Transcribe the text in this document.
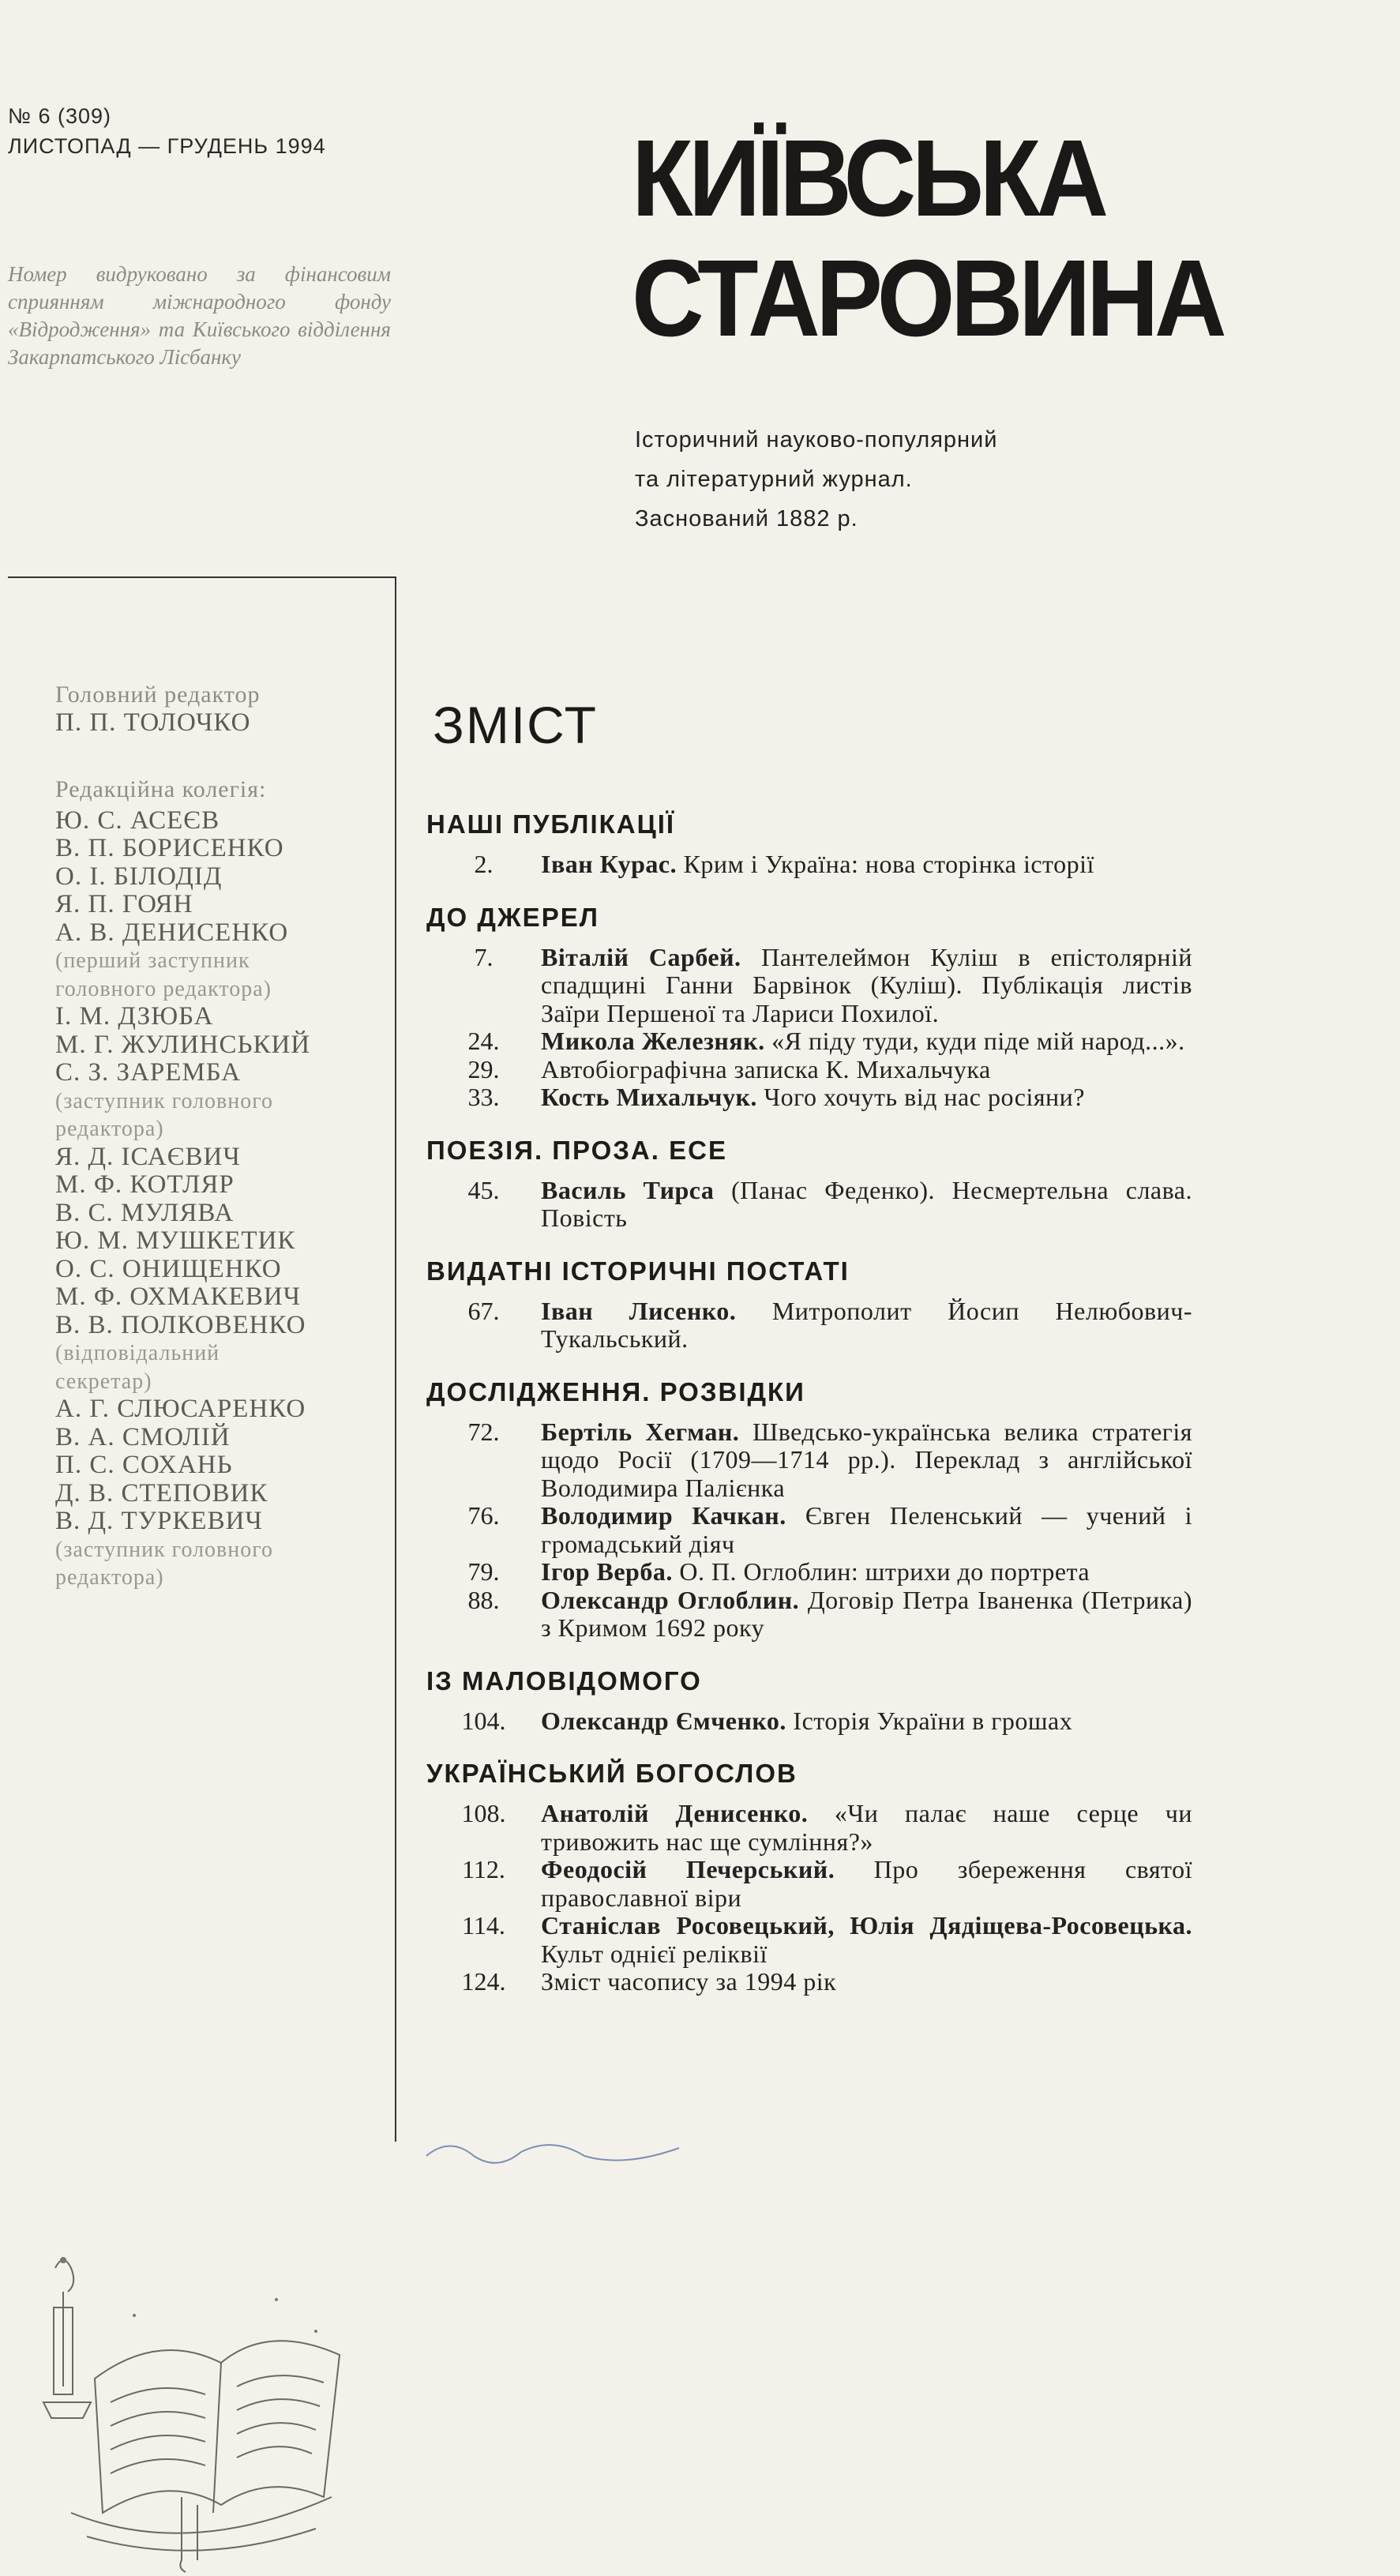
№ 6 (309)
ЛИСТОПАД — ГРУДЕНЬ 1994
Номер видруковано за фінансовим сприянням міжнародного фонду «Відродження» та Київського відділення Закарпатського Лісбанку
КИЇВСЬКА
СТАРОВИНА
Історичний науково-популярний
та літературний журнал.
Заснований 1882 р.
Головний редактор
П. П. ТОЛОЧКО
Редакційна колегія:
Ю. С. АСЕЄВ
В. П. БОРИСЕНКО
О. І. БІЛОДІД
Я. П. ГОЯН
А. В. ДЕНИСЕНКО
(перший заступник головного редактора)
І. М. ДЗЮБА
М. Г. ЖУЛИНСЬКИЙ
С. З. ЗАРЕМБА
(заступник головного редактора)
Я. Д. ІСАЄВИЧ
М. Ф. КОТЛЯР
В. С. МУЛЯВА
Ю. М. МУШКЕТИК
О. С. ОНИЩЕНКО
М. Ф. ОХМАКЕВИЧ
В. В. ПОЛКОВЕНКО
(відповідальний секретар)
А. Г. СЛЮСАРЕНКО
В. А. СМОЛІЙ
П. С. СОХАНЬ
Д. В. СТЕПОВИК
В. Д. ТУРКЕВИЧ
(заступник головного редактора)
ЗМІСТ
НАШІ ПУБЛІКАЦІЇ
2.	Іван Курас. Крим і Україна: нова сторінка історії
ДО ДЖЕРЕЛ
7.	Віталій Сарбей. Пантелеймон Куліш в епістолярній спадщині Ганни Барвінок (Куліш). Публікація листів Заїри Першеної та Лариси Похилої.
24.	Микола Железняк. «Я піду туди, куди піде мій народ...».
29.	Автобіографічна записка К. Михальчука
33.	Кость Михальчук. Чого хочуть від нас росіяни?
ПОЕЗІЯ. ПРОЗА. ЕСЕ
45.	Василь Тирса (Панас Феденко). Несмертельна слава. Повість
ВИДАТНІ ІСТОРИЧНІ ПОСТАТІ
67.	Іван Лисенко. Митрополит Йосип Нелюбович-Тукальський.
ДОСЛІДЖЕННЯ. РОЗВІДКИ
72.	Бертіль Хегман. Шведсько-українська велика стратегія щодо Росії (1709—1714 рр.). Переклад з англійської Володимира Палієнка
76.	Володимир Качкан. Євген Пеленський — учений і громадський діяч
79.	Ігор Верба. О. П. Оглоблин: штрихи до портрета
88.	Олександр Оглоблин. Договір Петра Іваненка (Петрика) з Кримом 1692 року
ІЗ МАЛОВІДОМОГО
104.	Олександр Ємченко. Історія України в грошах
УКРАЇНСЬКИЙ БОГОСЛОВ
108.	Анатолій Денисенко. «Чи палає наше серце чи тривожить нас ще сумління?»
112.	Феодосій Печерський. Про збереження святої православної віри
114.	Станіслав Росовецький, Юлія Дядіщева-Росовецька. Культ однієї реліквії
124.	Зміст часопису за 1994 рік
